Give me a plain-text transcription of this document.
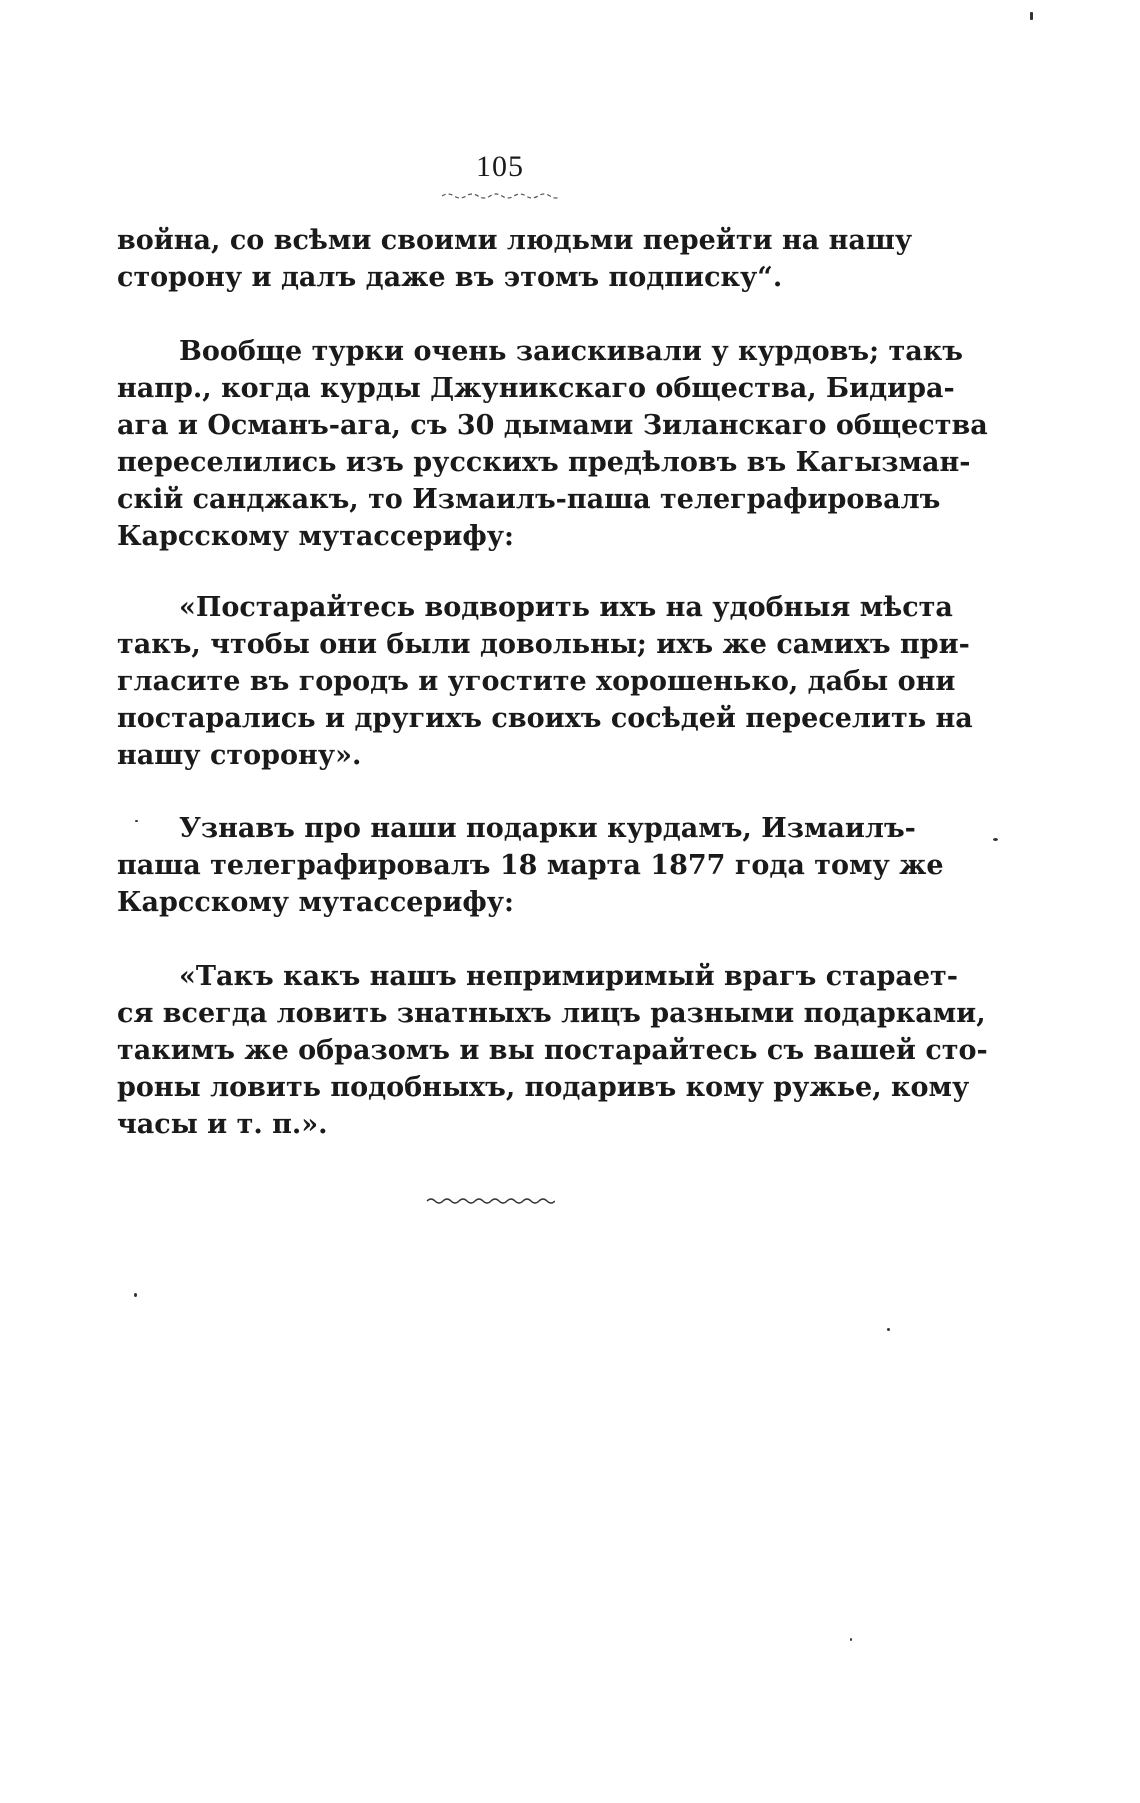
105
война, со всѣми своими людьми перейти на нашу
сторону и далъ даже въ этомъ подписку“.
Вообще турки очень заискивали у курдовъ; такъ
напр., когда курды Джуникскаго общества, Бидира-
ага и Османъ-ага, съ 30 дымами Зиланскаго общества
переселились изъ русскихъ предѣловъ въ Кагызман-
скій санджакъ, то Измаилъ-паша телеграфировалъ
Карсскому мутассерифу:
«Постарайтесь водворить ихъ на удобныя мѣста
такъ, чтобы они были довольны; ихъ же самихъ при-
гласите въ городъ и угостите хорошенько, дабы они
постарались и другихъ своихъ сосѣдей переселить на
нашу сторону».
Узнавъ про наши подарки курдамъ, Измаилъ-
паша телеграфировалъ 18 марта 1877 года тому же
Карсскому мутассерифу:
«Такъ какъ нашъ непримиримый врагъ старает-
ся всегда ловить знатныхъ лицъ разными подарками,
такимъ же образомъ и вы постарайтесь съ вашей сто-
роны ловить подобныхъ, подаривъ кому ружье, кому
часы и т. п.».
